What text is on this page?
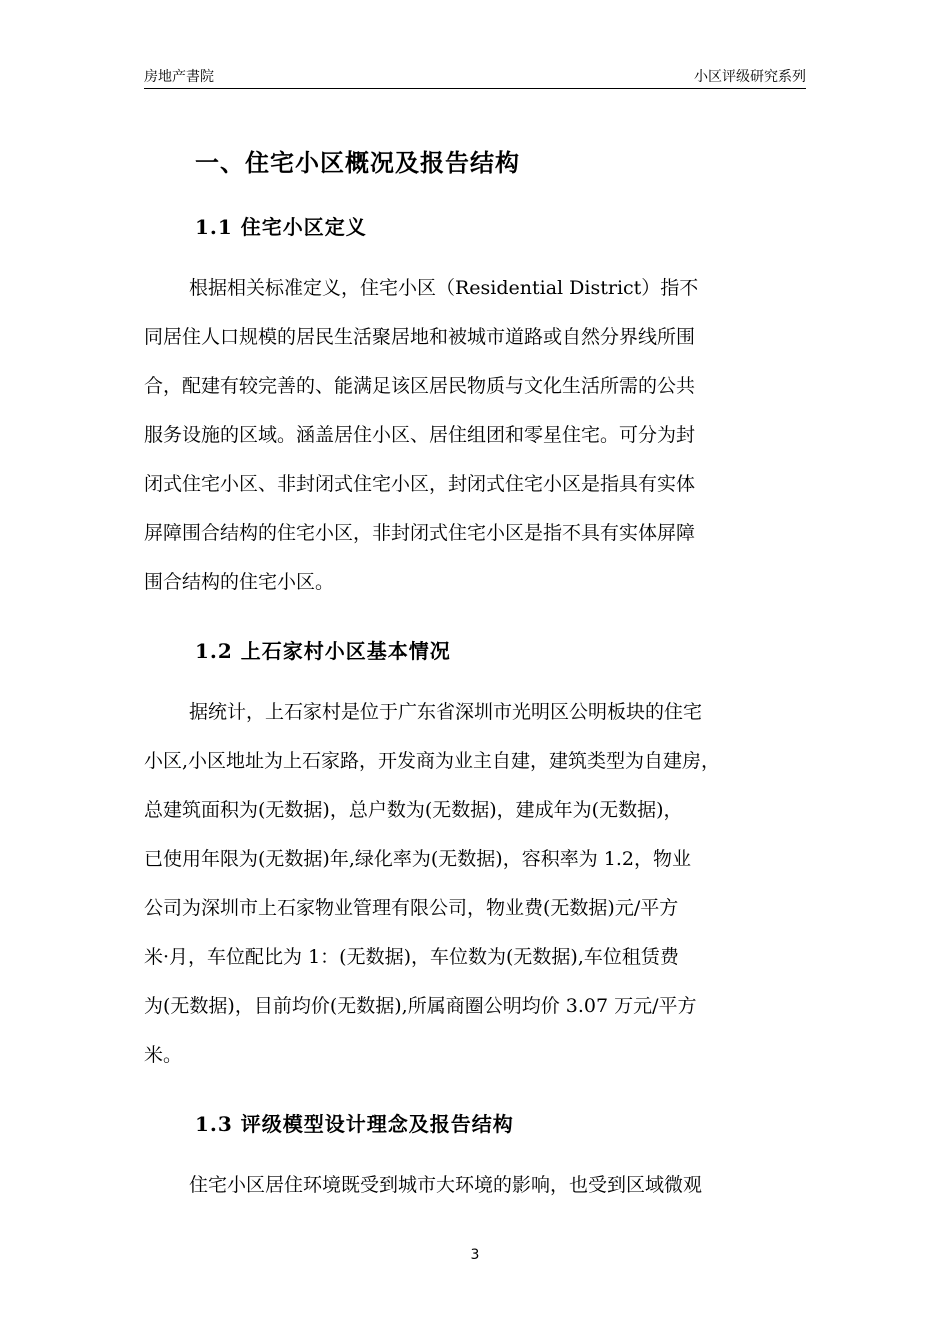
房地产書院	小区评级研究系列
一、住宅小区概况及报告结构
1.1 住宅小区定义
根据相关标准定义，住宅小区（Residential District）指不
同居住人口规模的居民生活聚居地和被城市道路或自然分界线所围
合，配建有较完善的、能满足该区居民物质与文化生活所需的公共
服务设施的区域。涵盖居住小区、居住组团和零星住宅。可分为封
闭式住宅小区、非封闭式住宅小区，封闭式住宅小区是指具有实体
屏障围合结构的住宅小区，非封闭式住宅小区是指不具有实体屏障
围合结构的住宅小区。
1.2 上石家村小区基本情况
据统计，上石家村是位于广东省深圳市光明区公明板块的住宅
小区,小区地址为上石家路，开发商为业主自建，建筑类型为自建房，
总建筑面积为(无数据)，总户数为(无数据)，建成年为(无数据)，
已使用年限为(无数据)年,绿化率为(无数据)，容积率为 1.2，物业
公司为深圳市上石家物业管理有限公司，物业费(无数据)元/平方
米·月，车位配比为 1：(无数据)，车位数为(无数据),车位租赁费
为(无数据)，目前均价(无数据),所属商圈公明均价 3.07 万元/平方
米。
1.3 评级模型设计理念及报告结构
住宅小区居住环境既受到城市大环境的影响，也受到区域微观
3
